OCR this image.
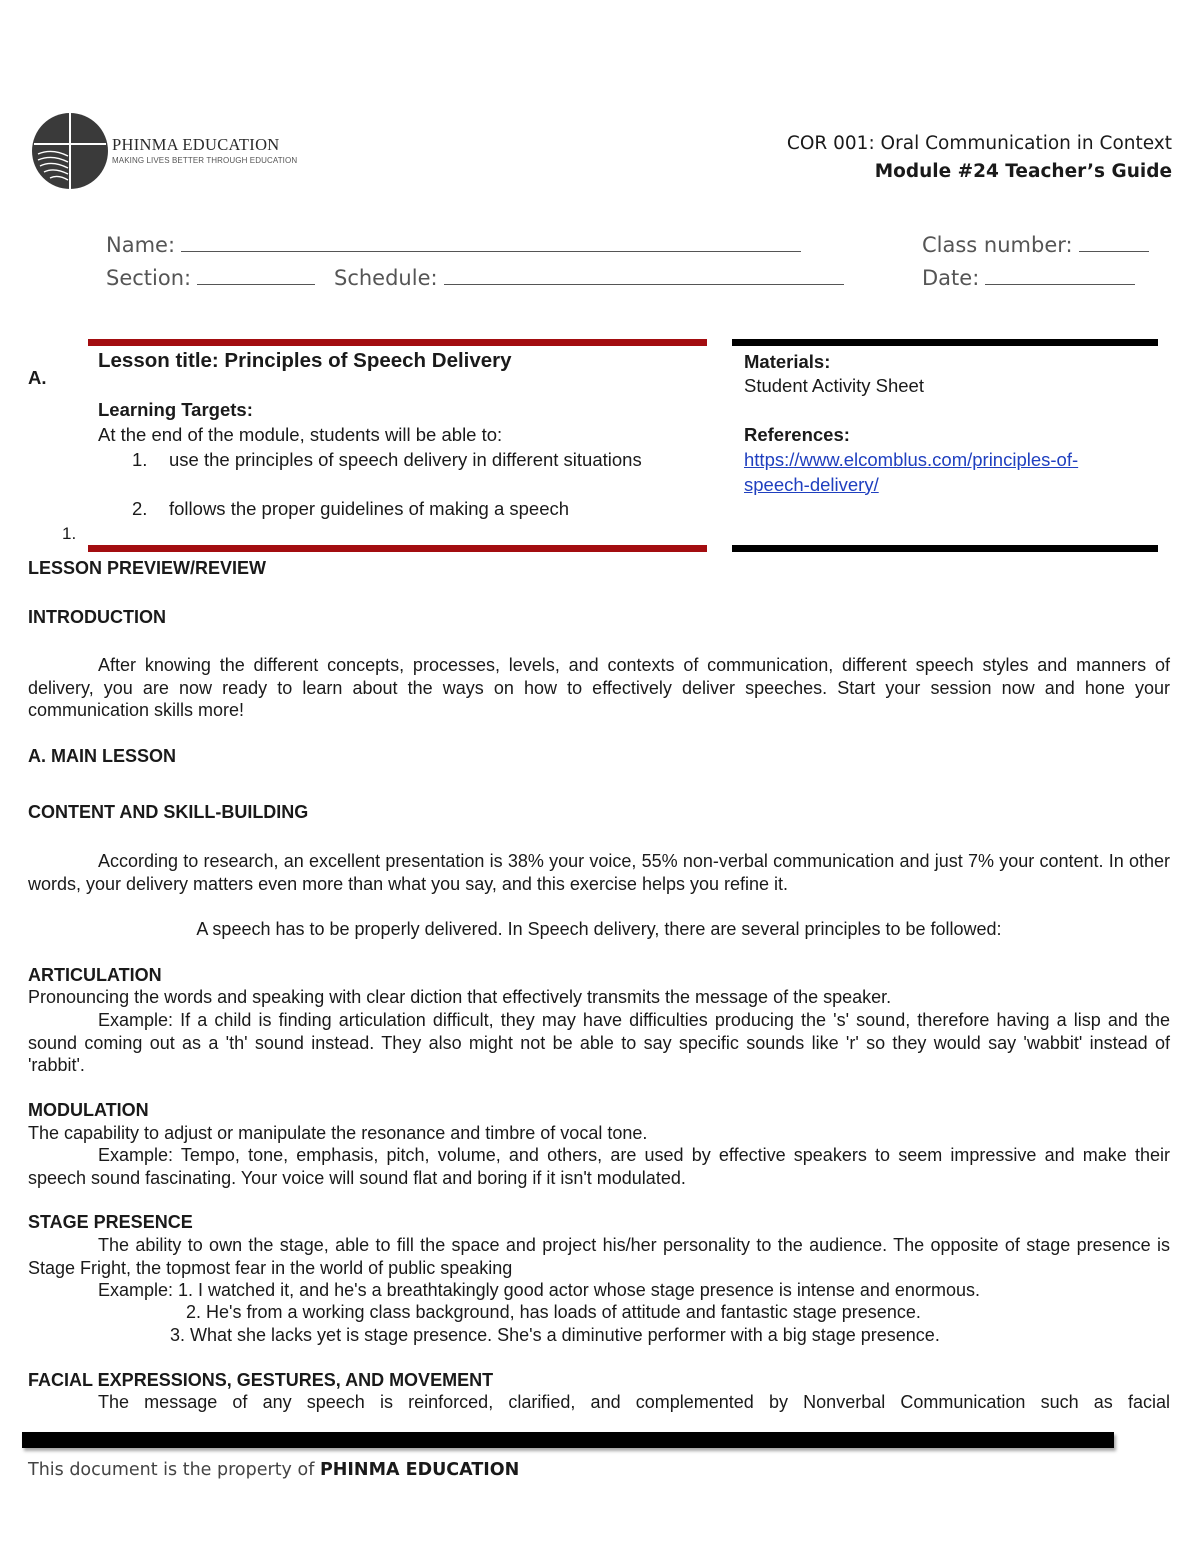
PHINMA EDUCATION
MAKING LIVES BETTER THROUGH EDUCATION
COR 001: Oral Communication in Context
Module #24 Teacher’s Guide
Name:	Class number:
Section:	Schedule:	Date:
A.
Lesson title: Principles of Speech Delivery
Learning Targets:
At the end of the module, students will be able to:
1. use the principles of speech delivery in different situations
2. follows the proper guidelines of making a speech
1.
Materials:
Student Activity Sheet
References:
https://www.elcomblus.com/principles-of-
speech-delivery/
LESSON PREVIEW/REVIEW
INTRODUCTION
After knowing the different concepts, processes, levels, and contexts of communication, different speech styles and manners of delivery, you are now ready to learn about the ways on how to effectively deliver speeches. Start your session now and hone your communication skills more!
A. MAIN LESSON
CONTENT AND SKILL-BUILDING
According to research, an excellent presentation is 38% your voice, 55% non-verbal communication and just 7% your content. In other words, your delivery matters even more than what you say, and this exercise helps you refine it.
A speech has to be properly delivered. In Speech delivery, there are several principles to be followed:
ARTICULATION
Pronouncing the words and speaking with clear diction that effectively transmits the message of the speaker.
Example: If a child is finding articulation difficult, they may have difficulties producing the 's' sound, therefore having a lisp and the sound coming out as a 'th' sound instead. They also might not be able to say specific sounds like 'r' so they would say 'wabbit' instead of 'rabbit'.
MODULATION
The capability to adjust or manipulate the resonance and timbre of vocal tone.
Example: Tempo, tone, emphasis, pitch, volume, and others, are used by effective speakers to seem impressive and make their speech sound fascinating. Your voice will sound flat and boring if it isn't modulated.
STAGE PRESENCE
The ability to own the stage, able to fill the space and project his/her personality to the audience. The opposite of stage presence is Stage Fright, the topmost fear in the world of public speaking
Example: 1. I watched it, and he's a breathtakingly good actor whose stage presence is intense and enormous.
2. He's from a working class background, has loads of attitude and fantastic stage presence.
3. What she lacks yet is stage presence. She's a diminutive performer with a big stage presence.
FACIAL EXPRESSIONS, GESTURES, AND MOVEMENT
The message of any speech is reinforced, clarified, and complemented by Nonverbal Communication such as facial
This document is the property of PHINMA EDUCATION
